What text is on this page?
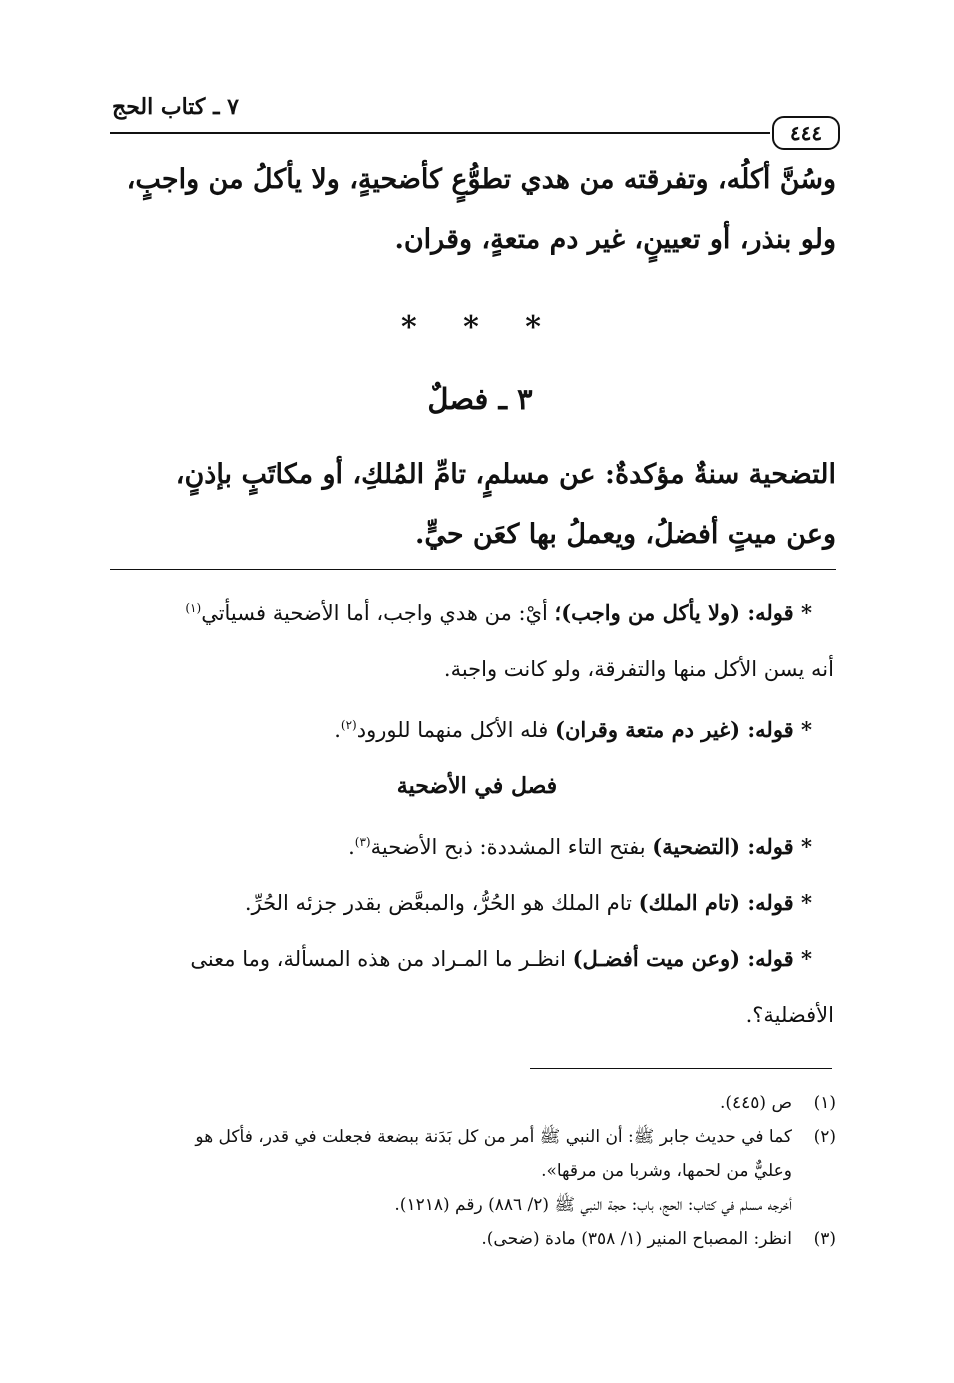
٧ ـ كتاب الحج
٤٤٤

وسُنَّ أكلُه، وتفرقته من هدي تطوُّعٍ كأضحيةٍ، ولا يأكلُ من واجبٍ،

ولو بنذر، أو تعيينٍ، غير دم متعةٍ، وقران.

* * *
٣ ـ فصلٌ

التضحية سنةٌ مؤكدةٌ: عن مسلمٍ، تامِّ المُلكِ، أو مكاتَبٍ بإذنٍ،

وعن ميتٍ أفضلُ، ويعملُ بها كعَن حيٍّ.

* قوله: (ولا يأكل من واجب)؛ أيْ: من هدي واجب، أما الأضحية فسيأتي$^{(١)}$

أنه يسن الأكل منها والتفرقة، ولو كانت واجبة.

* قوله: (غير دم متعة وقران) فله الأكل منهما للورود$^{(٢)}$.

فصل في الأضحية

* قوله: (التضحية) بفتح التاء المشددة: ذبح الأضحية$^{(٣)}$.

* قوله: (تام الملك) تام الملك هو الحُرُّ، والمبعَّض بقدر جزئه الحُرِّ.

* قوله: (وعن ميت أفضـل) انظـر ما المـراد من هذه المسألة، وما معنى

الأفضلية؟.

(١)
ص (٤٤٥).
(٢)
كما في حديث جابر ﷺ: أن النبي ﷺ أمر من كل بَدَنة ببضعة فجعلت في قدر، فأكل هو
وعليٌّ من لحمها، وشربا من مرقها».
أخرجه مسلم في كتاب: الحج، باب: حجة النبي ﷺ (٢/ ٨٨٦) رقم (١٢١٨).
(٣)
انظر: المصباح المنير (١/ ٣٥٨) مادة (ضحى).
